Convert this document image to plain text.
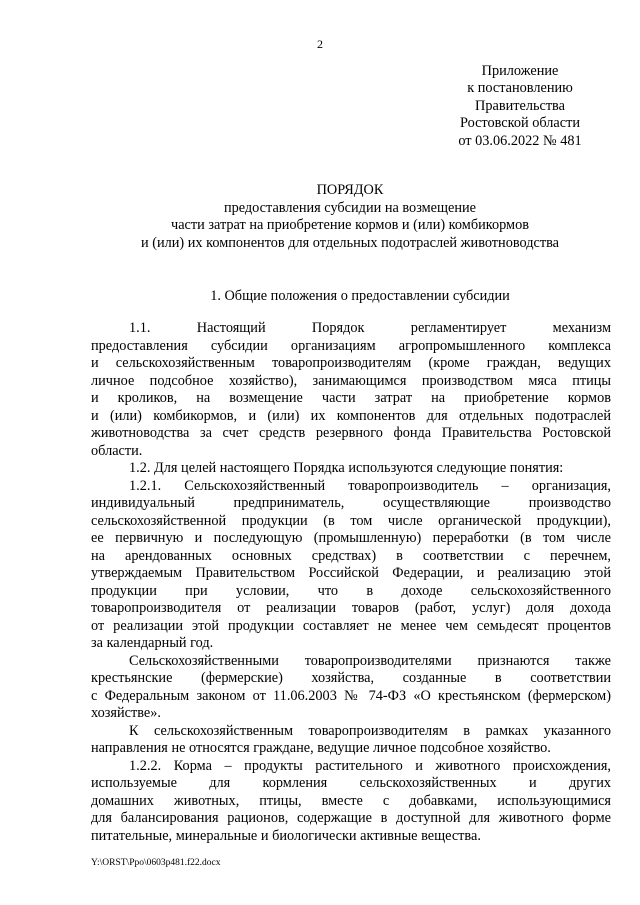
2
Приложение
к постановлению
Правительства
Ростовской области
от 03.06.2022 № 481
ПОРЯДОК
предоставления субсидии на возмещение
части затрат на приобретение кормов и (или) комбикормов
и (или) их компонентов для отдельных подотраслей животноводства
1. Общие положения о предоставлении субсидии
1.1. Настоящий Порядок регламентирует механизм
предоставления субсидии организациям агропромышленного комплекса
и сельскохозяйственным товаропроизводителям (кроме граждан, ведущих
личное подсобное хозяйство), занимающимся производством мяса птицы
и кроликов, на возмещение части затрат на приобретение кормов
и (или) комбикормов, и (или) их компонентов для отдельных подотраслей
животноводства за счет средств резервного фонда Правительства Ростовской
области.
1.2. Для целей настоящего Порядка используются следующие понятия:
1.2.1. Сельскохозяйственный товаропроизводитель – организация,
индивидуальный предприниматель, осуществляющие производство
сельскохозяйственной продукции (в том числе органической продукции),
ее первичную и последующую (промышленную) переработки (в том числе
на арендованных основных средствах) в соответствии с перечнем,
утверждаемым Правительством Российской Федерации, и реализацию этой
продукции при условии, что в доходе сельскохозяйственного
товаропроизводителя от реализации товаров (работ, услуг) доля дохода
от реализации этой продукции составляет не менее чем семьдесят процентов
за календарный год.
Сельскохозяйственными товаропроизводителями признаются также
крестьянские (фермерские) хозяйства, созданные в соответствии
с Федеральным законом от 11.06.2003 № 74-ФЗ «О крестьянском (фермерском)
хозяйстве».
К сельскохозяйственным товаропроизводителям в рамках указанного
направления не относятся граждане, ведущие личное подсобное хозяйство.
1.2.2. Корма – продукты растительного и животного происхождения,
используемые для кормления сельскохозяйственных и других
домашних животных, птицы, вместе с добавками, использующимися
для балансирования рационов, содержащие в доступной для животного форме
питательные, минеральные и биологически активные вещества.
Y:\ORST\Ppo\0603p481.f22.docx
